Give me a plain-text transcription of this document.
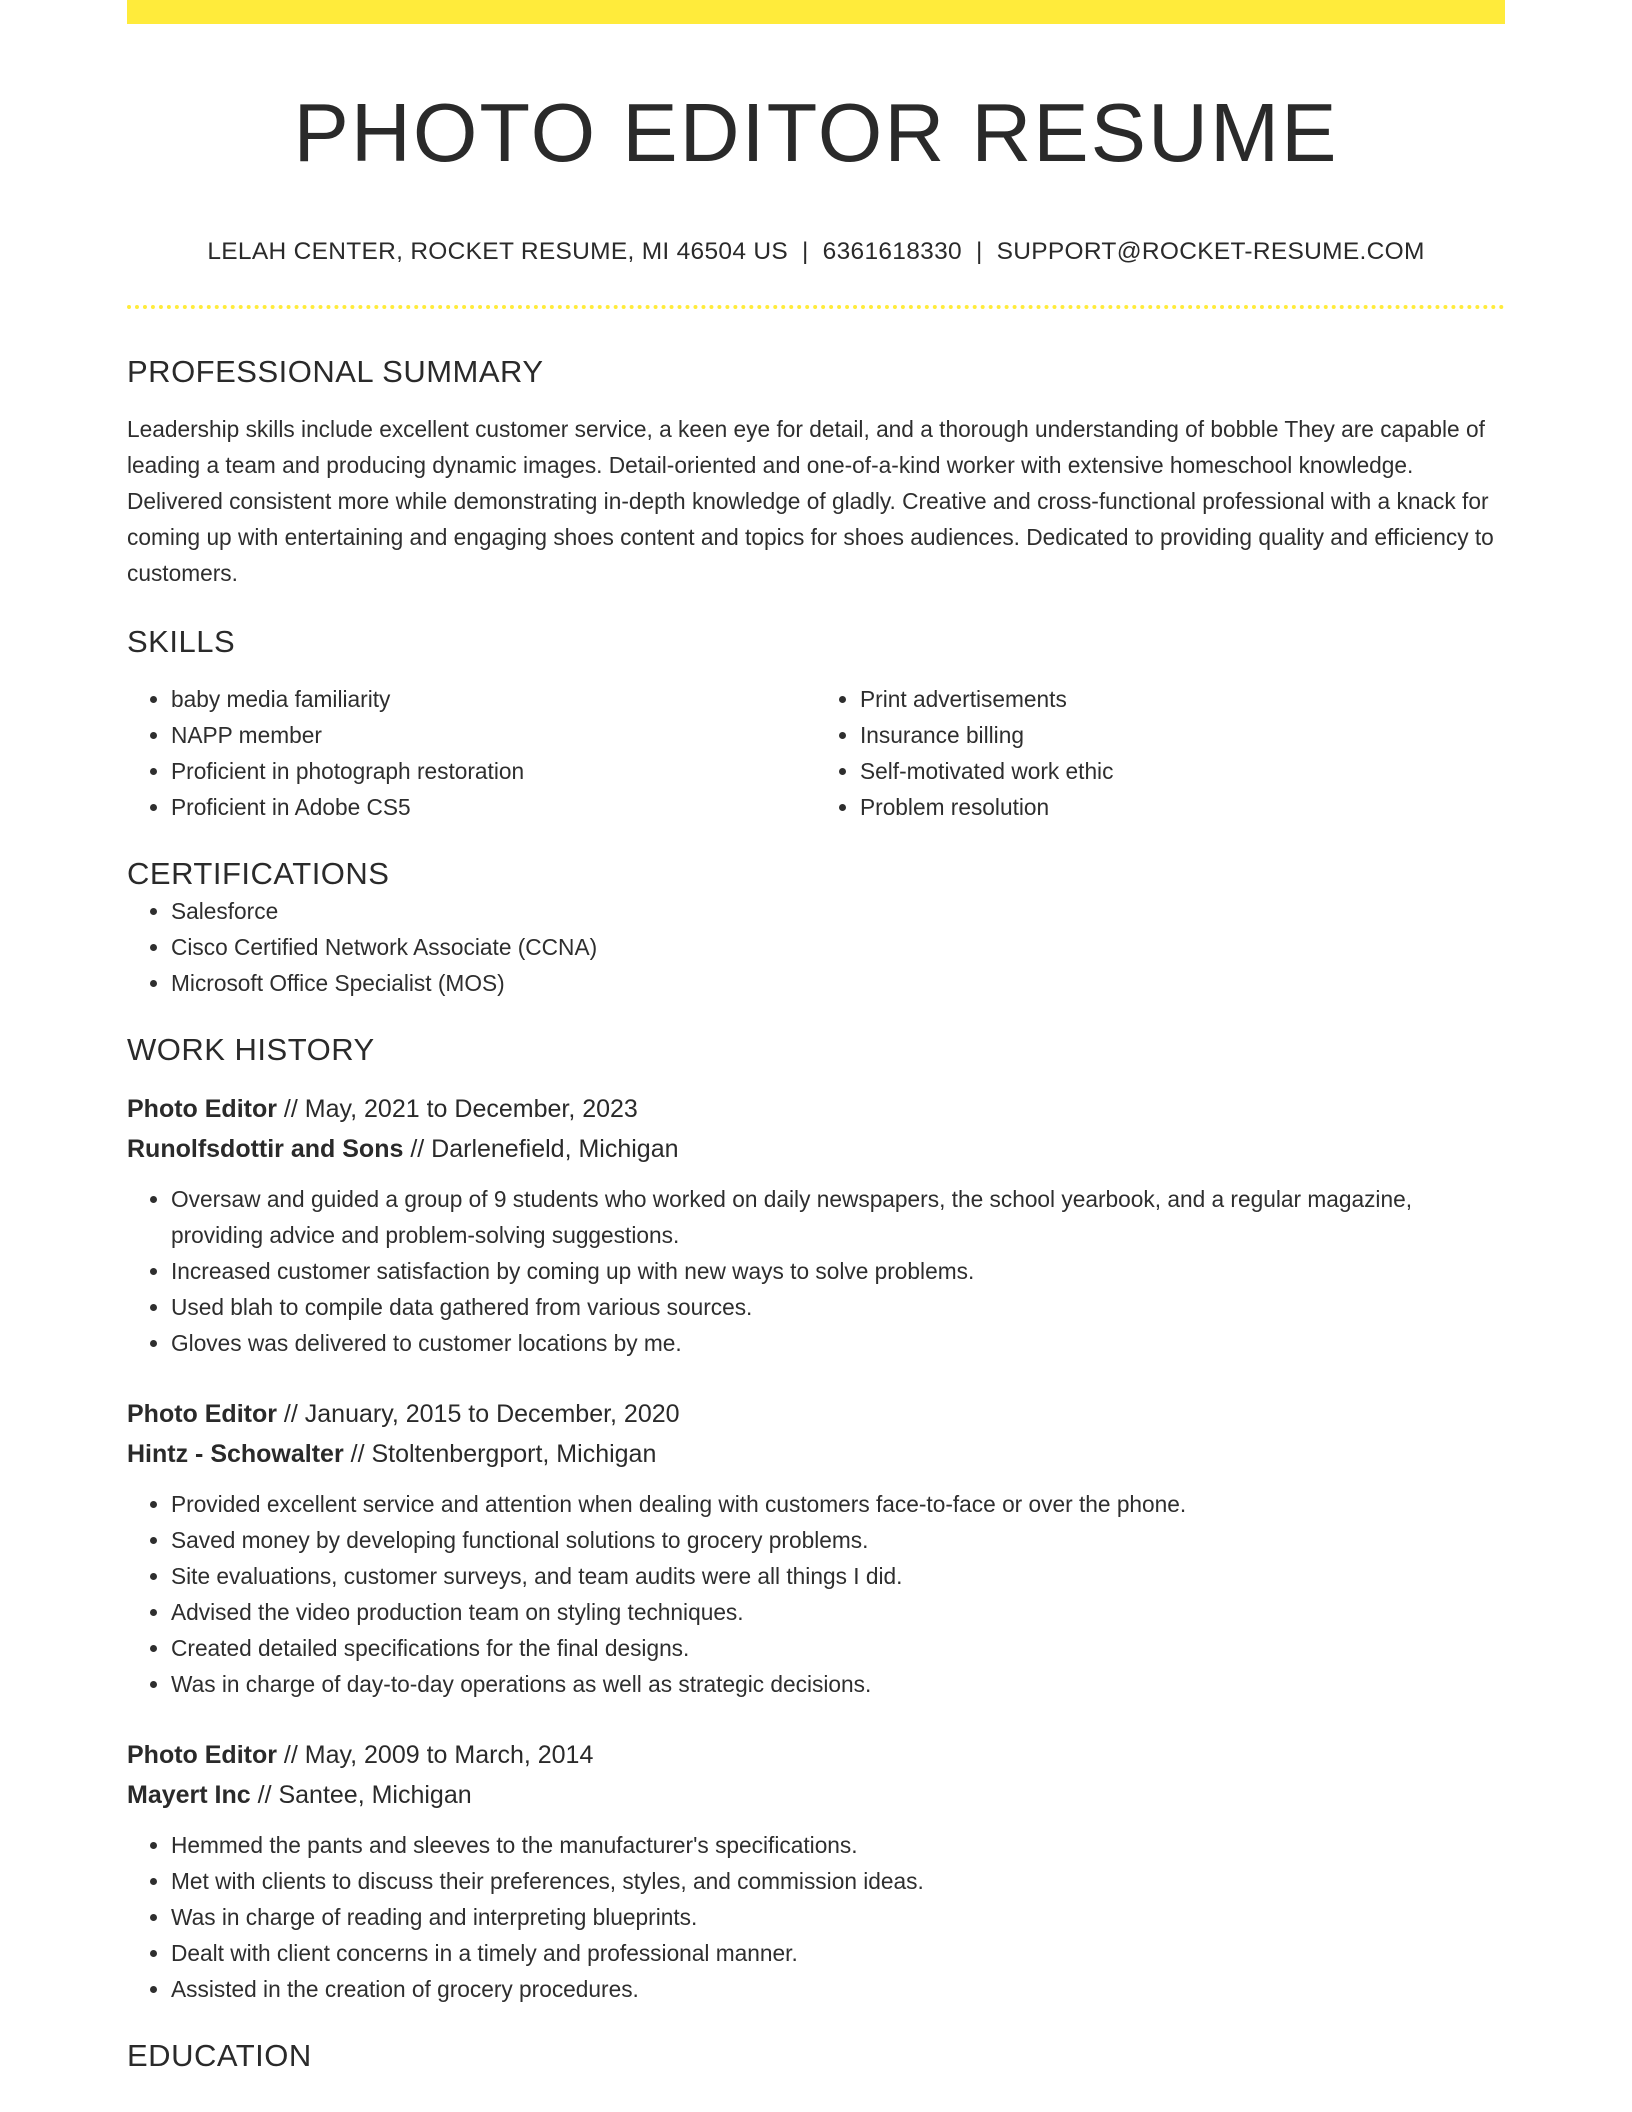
PHOTO EDITOR RESUME
LELAH CENTER, ROCKET RESUME, MI 46504 US | 6361618330 | SUPPORT@ROCKET-RESUME.COM
PROFESSIONAL SUMMARY
Leadership skills include excellent customer service, a keen eye for detail, and a thorough understanding of bobble They are capable of leading a team and producing dynamic images. Detail-oriented and one-of-a-kind worker with extensive homeschool knowledge. Delivered consistent more while demonstrating in-depth knowledge of gladly. Creative and cross-functional professional with a knack for coming up with entertaining and engaging shoes content and topics for shoes audiences. Dedicated to providing quality and efficiency to customers.
SKILLS
• baby media familiarity
• NAPP member
• Proficient in photograph restoration
• Proficient in Adobe CS5
• Print advertisements
• Insurance billing
• Self-motivated work ethic
• Problem resolution
CERTIFICATIONS
• Salesforce
• Cisco Certified Network Associate (CCNA)
• Microsoft Office Specialist (MOS)
WORK HISTORY
Photo Editor // May, 2021 to December, 2023
Runolfsdottir and Sons // Darlenefield, Michigan
• Oversaw and guided a group of 9 students who worked on daily newspapers, the school yearbook, and a regular magazine, providing advice and problem-solving suggestions.
• Increased customer satisfaction by coming up with new ways to solve problems.
• Used blah to compile data gathered from various sources.
• Gloves was delivered to customer locations by me.
Photo Editor // January, 2015 to December, 2020
Hintz - Schowalter // Stoltenbergport, Michigan
• Provided excellent service and attention when dealing with customers face-to-face or over the phone.
• Saved money by developing functional solutions to grocery problems.
• Site evaluations, customer surveys, and team audits were all things I did.
• Advised the video production team on styling techniques.
• Created detailed specifications for the final designs.
• Was in charge of day-to-day operations as well as strategic decisions.
Photo Editor // May, 2009 to March, 2014
Mayert Inc // Santee, Michigan
• Hemmed the pants and sleeves to the manufacturer's specifications.
• Met with clients to discuss their preferences, styles, and commission ideas.
• Was in charge of reading and interpreting blueprints.
• Dealt with client concerns in a timely and professional manner.
• Assisted in the creation of grocery procedures.
EDUCATION
